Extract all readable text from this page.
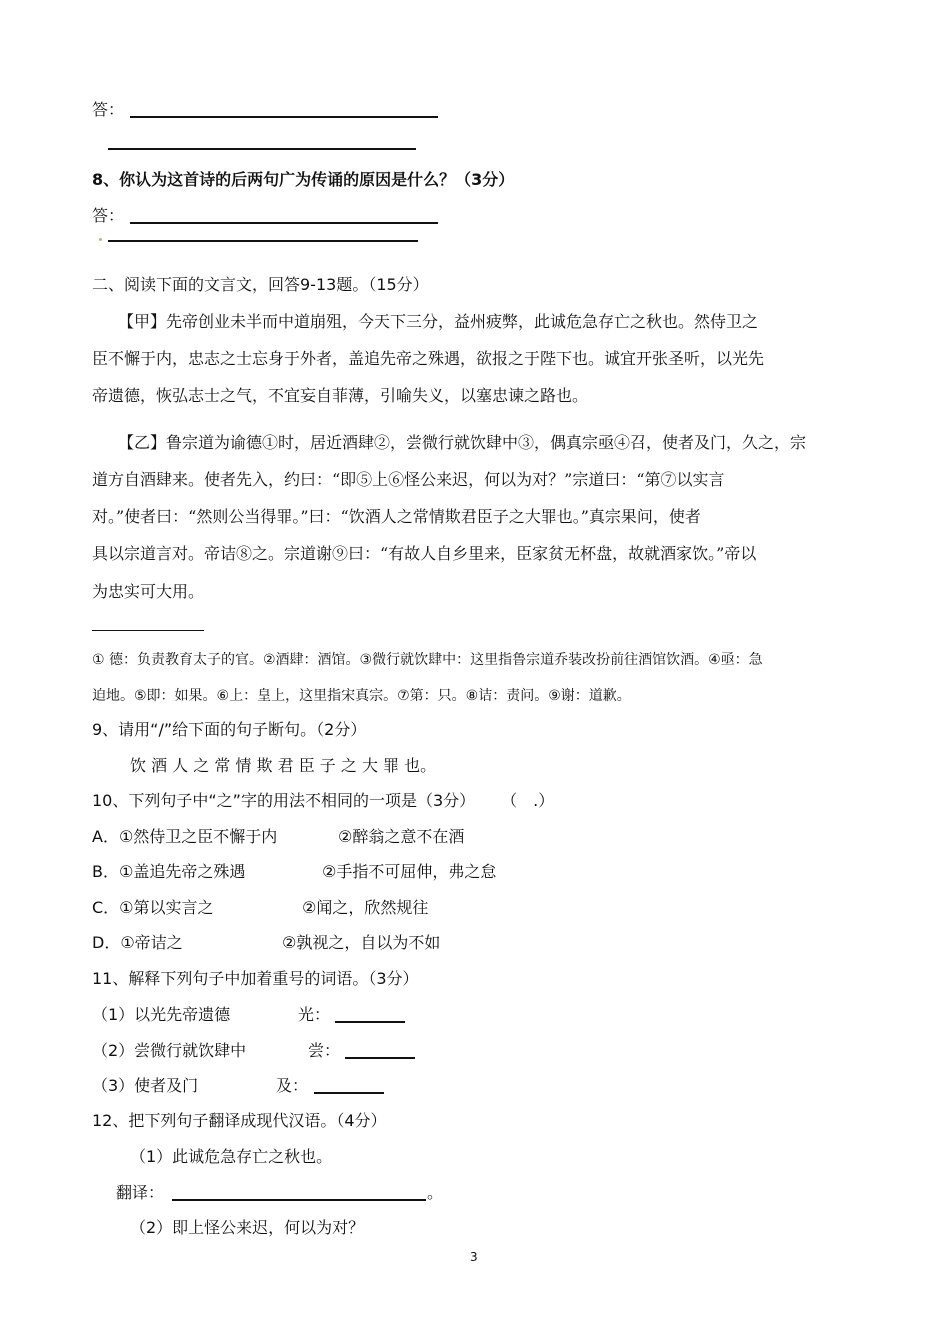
答：
8、你认为这首诗的后两句广为传诵的原因是什么？（3分）
答：
二、阅读下面的文言文，回答9-13题。（15分）
【甲】先帝创业未半而中道崩殂，今天下三分，益州疲弊，此诚危急存亡之秋也。然侍卫之
臣不懈于内，忠志之士忘身于外者，盖追先帝之殊遇，欲报之于陛下也。诚宜开张圣听，以光先
帝遗德，恢弘志士之气，不宜妄自菲薄，引喻失义，以塞忠谏之路也。
【乙】鲁宗道为谕德①时，居近酒肆②，尝微行就饮肆中③，偶真宗亟④召，使者及门，久之，宗
道方自酒肆来。使者先入，约曰：“即⑤上⑥怪公来迟，何以为对？”宗道曰：“第⑦以实言
对。”使者曰：“然则公当得罪。”曰：“饮酒人之常情欺君臣子之大罪也。”真宗果问，使者
具以宗道言对。帝诘⑧之。宗道谢⑨曰：“有故人自乡里来，臣家贫无杯盘，故就酒家饮。”帝以
为忠实可大用。
① 德：负责教育太子的官。②酒肆：酒馆。③微行就饮肆中：这里指鲁宗道乔装改扮前往酒馆饮酒。④亟：急
迫地。⑤即：如果。⑥上：皇上，这里指宋真宗。⑦第：只。⑧诘：责问。⑨谢：道歉。
9、请用“/”给下面的句子断句。（2分）
饮 酒 人 之 常 情 欺 君 臣 子 之 大 罪 也。
10、下列句子中“之”字的用法不相同的一项是（3分） （　.）
A．①然侍卫之臣不懈于内	②醉翁之意不在酒
B．①盖追先帝之殊遇	②手指不可屈伸，弗之怠
C．①第以实言之	②闻之，欣然规往
D．①帝诘之	②孰视之，自以为不如
11、解释下列句子中加着重号的词语。（3分）
（1）以光先帝遗德	光：
（2）尝微行就饮肆中	尝：
（3）使者及门	及：
12、把下列句子翻译成现代汉语。（4分）
（1）此诚危急存亡之秋也。
翻译：	。
（2）即上怪公来迟，何以为对？
3
